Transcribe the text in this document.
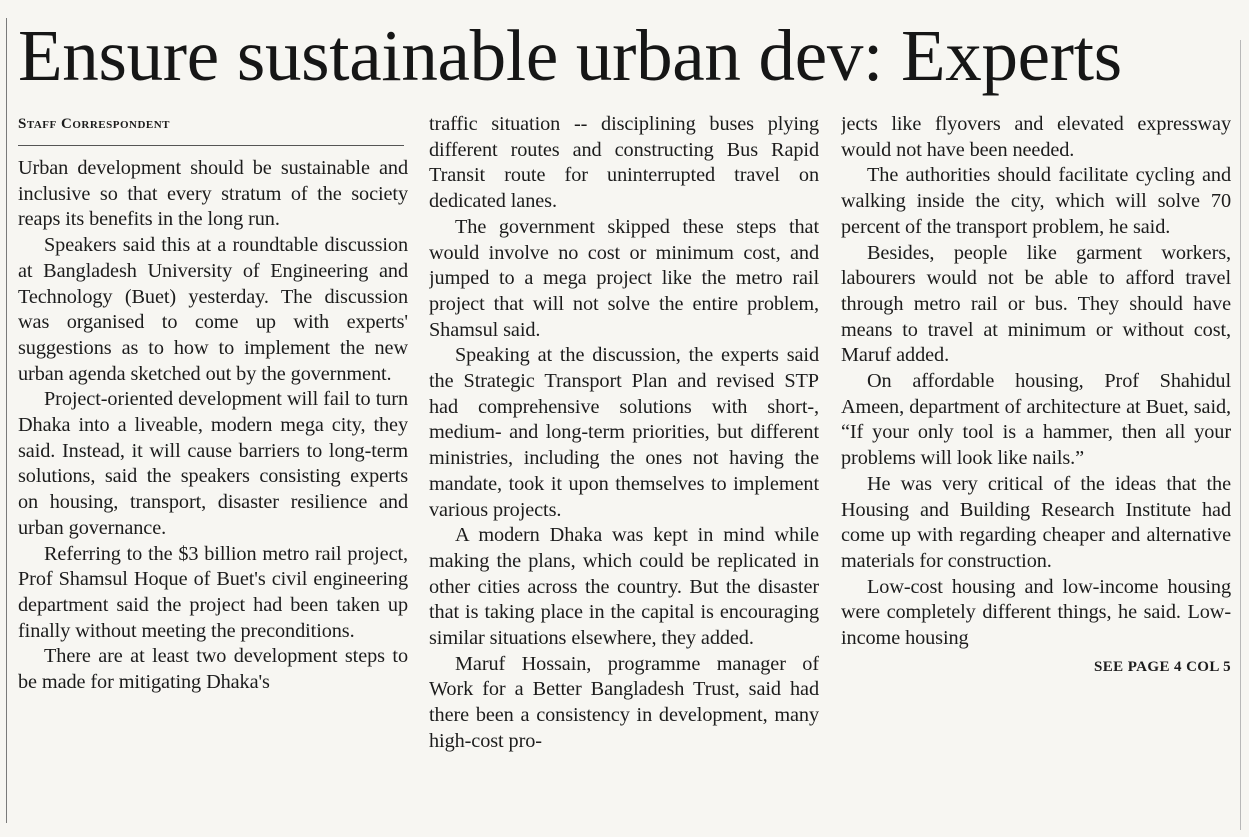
Ensure sustainable urban dev: Experts
Staff Correspondent

Urban development should be sustainable and inclusive so that every stratum of the society reaps its benefits in the long run.

Speakers said this at a roundtable discussion at Bangladesh University of Engineering and Technology (Buet) yesterday. The discussion was organised to come up with experts' suggestions as to how to implement the new urban agenda sketched out by the government.

Project-oriented development will fail to turn Dhaka into a liveable, modern mega city, they said. Instead, it will cause barriers to long-term solutions, said the speakers consisting experts on housing, transport, disaster resilience and urban governance.

Referring to the $3 billion metro rail project, Prof Shamsul Hoque of Buet's civil engineering department said the project had been taken up finally without meeting the preconditions.

There are at least two development steps to be made for mitigating Dhaka's

traffic situation -- disciplining buses plying different routes and constructing Bus Rapid Transit route for uninterrupted travel on dedicated lanes.

The government skipped these steps that would involve no cost or minimum cost, and jumped to a mega project like the metro rail project that will not solve the entire problem, Shamsul said.

Speaking at the discussion, the experts said the Strategic Transport Plan and revised STP had comprehensive solutions with short-, medium- and long-term priorities, but different ministries, including the ones not having the mandate, took it upon themselves to implement various projects.

A modern Dhaka was kept in mind while making the plans, which could be replicated in other cities across the country. But the disaster that is taking place in the capital is encouraging similar situations elsewhere, they added.

Maruf Hossain, programme manager of Work for a Better Bangladesh Trust, said had there been a consistency in development, many high-cost pro-

jects like flyovers and elevated expressway would not have been needed.

The authorities should facilitate cycling and walking inside the city, which will solve 70 percent of the transport problem, he said.

Besides, people like garment workers, labourers would not be able to afford travel through metro rail or bus. They should have means to travel at minimum or without cost, Maruf added.

On affordable housing, Prof Shahidul Ameen, department of architecture at Buet, said, “If your only tool is a hammer, then all your problems will look like nails.”

He was very critical of the ideas that the Housing and Building Research Institute had come up with regarding cheaper and alternative materials for construction.

Low-cost housing and low-income housing were completely different things, he said. Low-income housing

SEE PAGE 4 COL 5
